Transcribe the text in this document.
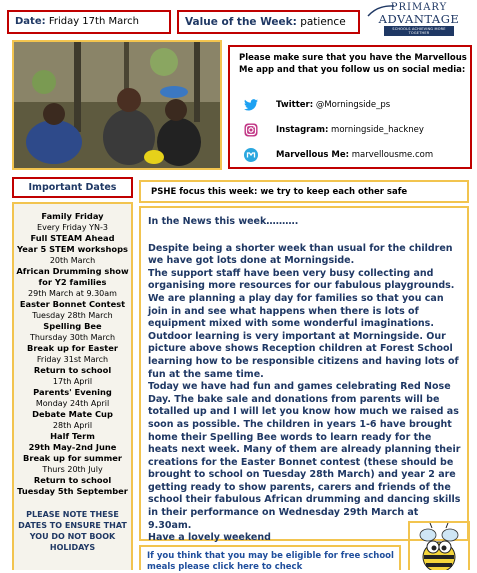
Date: Friday 17th March	Value of the Week: patience
PRIMARY
ADVANTAGE
SCHOOLS ACHIEVING MORE TOGETHER
Please make sure that you have the Marvellous Me app and that you follow us on social media:
Twitter: @Morningside_ps
Instagram: morningside_hackney
Marvellous Me: marvellousme.com
Important Dates
Family Friday
Every Friday YN-3
Full STEAM Ahead
Year 5 STEM workshops
20th March
African Drumming show for Y2 families
29th March at 9.30am
Easter Bonnet Contest
Tuesday 28th March
Spelling Bee
Thursday 30th March
Break up for Easter
Friday 31st March
Return to school
17th April
Parents' Evening
Monday 24th April
Debate Mate Cup
28th April
Half Term
29th May-2nd June
Break up for summer
Thurs 20th July
Return to school
Tuesday 5th September
PLEASE NOTE THESE DATES TO ENSURE THAT YOU DO NOT BOOK HOLIDAYS
PSHE focus this week: we try to keep each other safe
In the News this week……….

Despite being a shorter week than usual for the children we have got lots done at Morningside.

The support staff have been very busy collecting and organising more resources for our fabulous playgrounds. We are planning a play day for families so that you can join in and see what happens when there is lots of equipment mixed with some wonderful imaginations. Outdoor learning is very important at Morningside. Our picture above shows Reception children at Forest School learning how to be responsible citizens and having lots of fun at the same time.

Today we have had fun and games celebrating Red Nose Day. The bake sale and donations from parents will be totalled up and I will let you know how much we raised as soon as possible. The children in years 1-6 have brought home their Spelling Bee words to learn ready for the heats next week. Many of them are already planning their creations for the Easter Bonnet contest (these should be brought to school on Tuesday 28th March) and year 2 are getting ready to show parents, carers and friends of the school their fabulous African drumming and dancing skills in their performance on Wednesday 29th March at 9.30am.

Have a lovely weekend

If you think that you may be eligible for free school meals please click here to check
